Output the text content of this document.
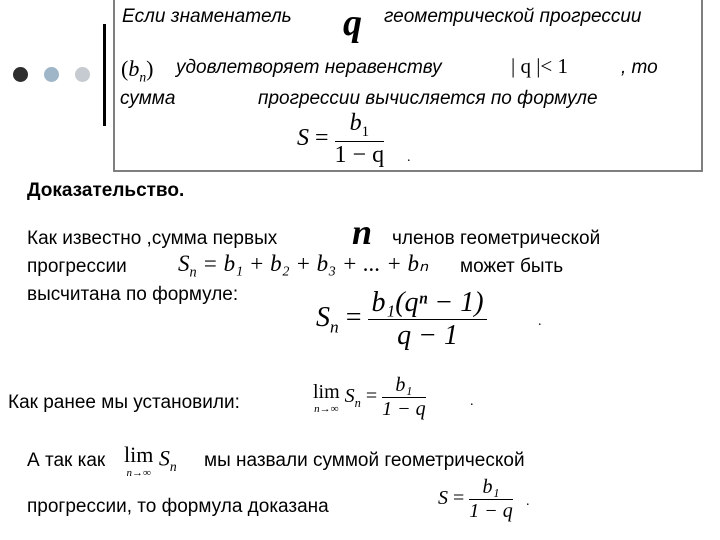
Если знаменатель q геометрической прогрессии
$(b_n)$ удовлетворяет неравенству	| q |< 1	, то
сумма	прогрессии вычисляется по формуле
$S = \frac{b_1}{1 - q}$ .
Доказательство.
Как известно ,сумма первых n членов геометрической
прогрессии $S_n = b_1 + b_2 + b_3$ + ... + bₙ может быть
высчитана по формуле:
$S_n = \frac{\text{b₁(qⁿ − 1)}}{q - 1}$	.
Как ранее мы установили:	lim
n→∞
$S_n = \frac{\text{b₁}}{1 - q}$	.
А так как lim
n→∞
$S_n$ мы назвали суммой геометрической
прогрессии, то формула доказана	$S = \frac{\text{b₁}}{1 - q}$ .
